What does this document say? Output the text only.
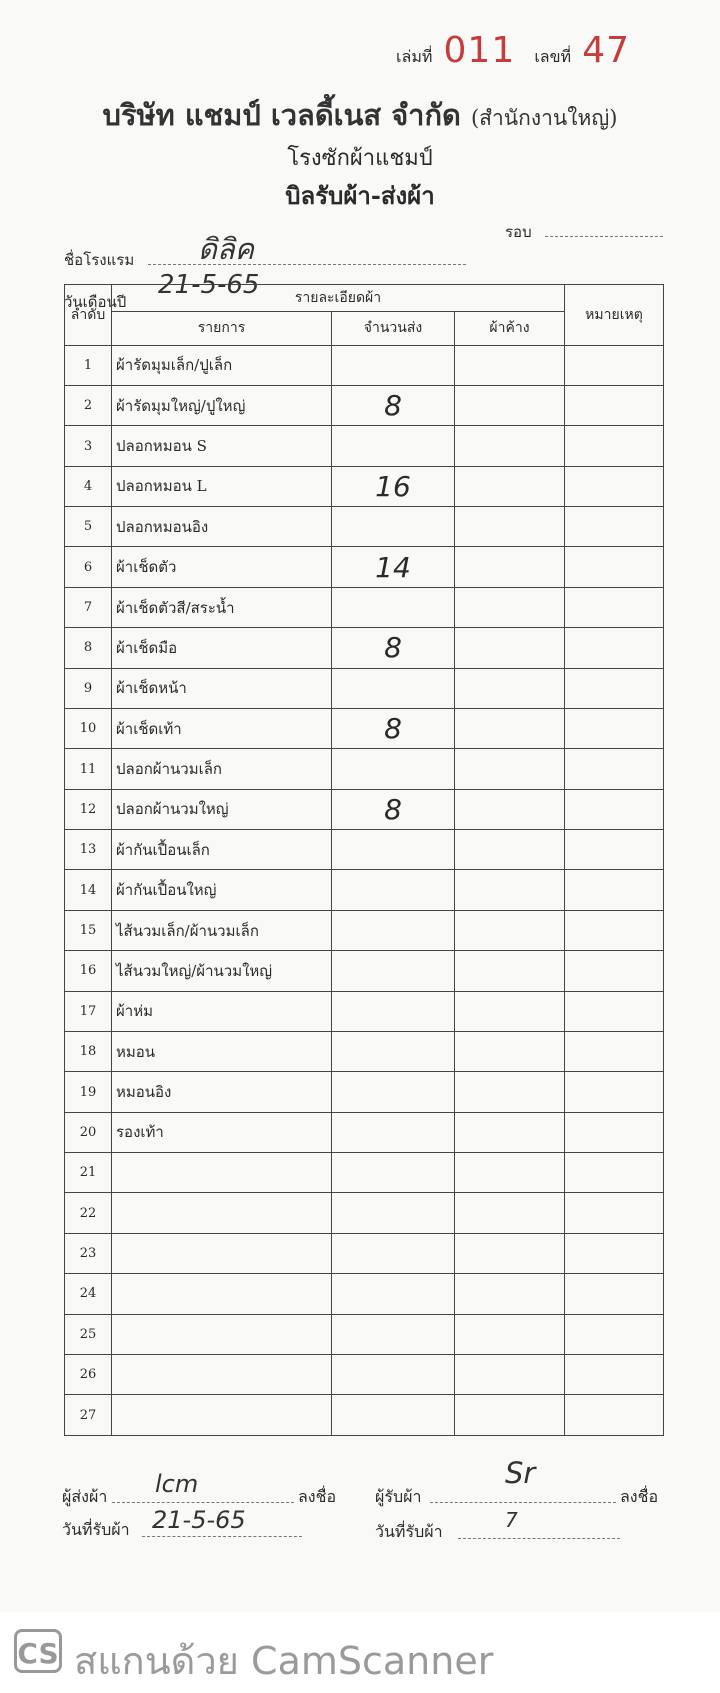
เล่มที่ 011 เลขที่ 47
บริษัท แชมป์ เวลดี้เนส จำกัด (สำนักงานใหญ่)
โรงซักผ้าแชมป์
บิลรับผ้า-ส่งผ้า
ชื่อโรงแรม ดิลิค	รอบ
วันเดือนปี
21-5-65
ลำดับ	รายละเอียดผ้า			หมายเหตุ
	รายการ	จำนวนส่ง	ผ้าค้าง	
1	ผ้ารัดมุมเล็ก/ปูเล็ก			
2	ผ้ารัดมุมใหญ่/ปูใหญ่	8		
3	ปลอกหมอน S			
4	ปลอกหมอน L	16		
5	ปลอกหมอนอิง			
6	ผ้าเช็ดตัว	14		
7	ผ้าเช็ดตัวสี/สระน้ำ			
8	ผ้าเช็ดมือ	8		
9	ผ้าเช็ดหน้า			
10	ผ้าเช็ดเท้า	8		
11	ปลอกผ้านวมเล็ก			
12	ปลอกผ้านวมใหญ่	8		
13	ผ้ากันเปื้อนเล็ก			
14	ผ้ากันเปื้อนใหญ่			
15	ไส้นวมเล็ก/ผ้านวมเล็ก			
16	ไส้นวมใหญ่/ผ้านวมใหญ่			
17	ผ้าห่ม			
18	หมอน			
19	หมอนอิง			
20	รองเท้า			
21				
22				
23				
24				
25				
26				
27				
ผู้ส่งผ้า lcm	ลงชื่อ ผู้รับผ้า
Sr
ลงชื่อ
วันที่รับผ้า 21-5-65	วันที่รับผ้า	7
CS สแกนด้วย CamScanner
